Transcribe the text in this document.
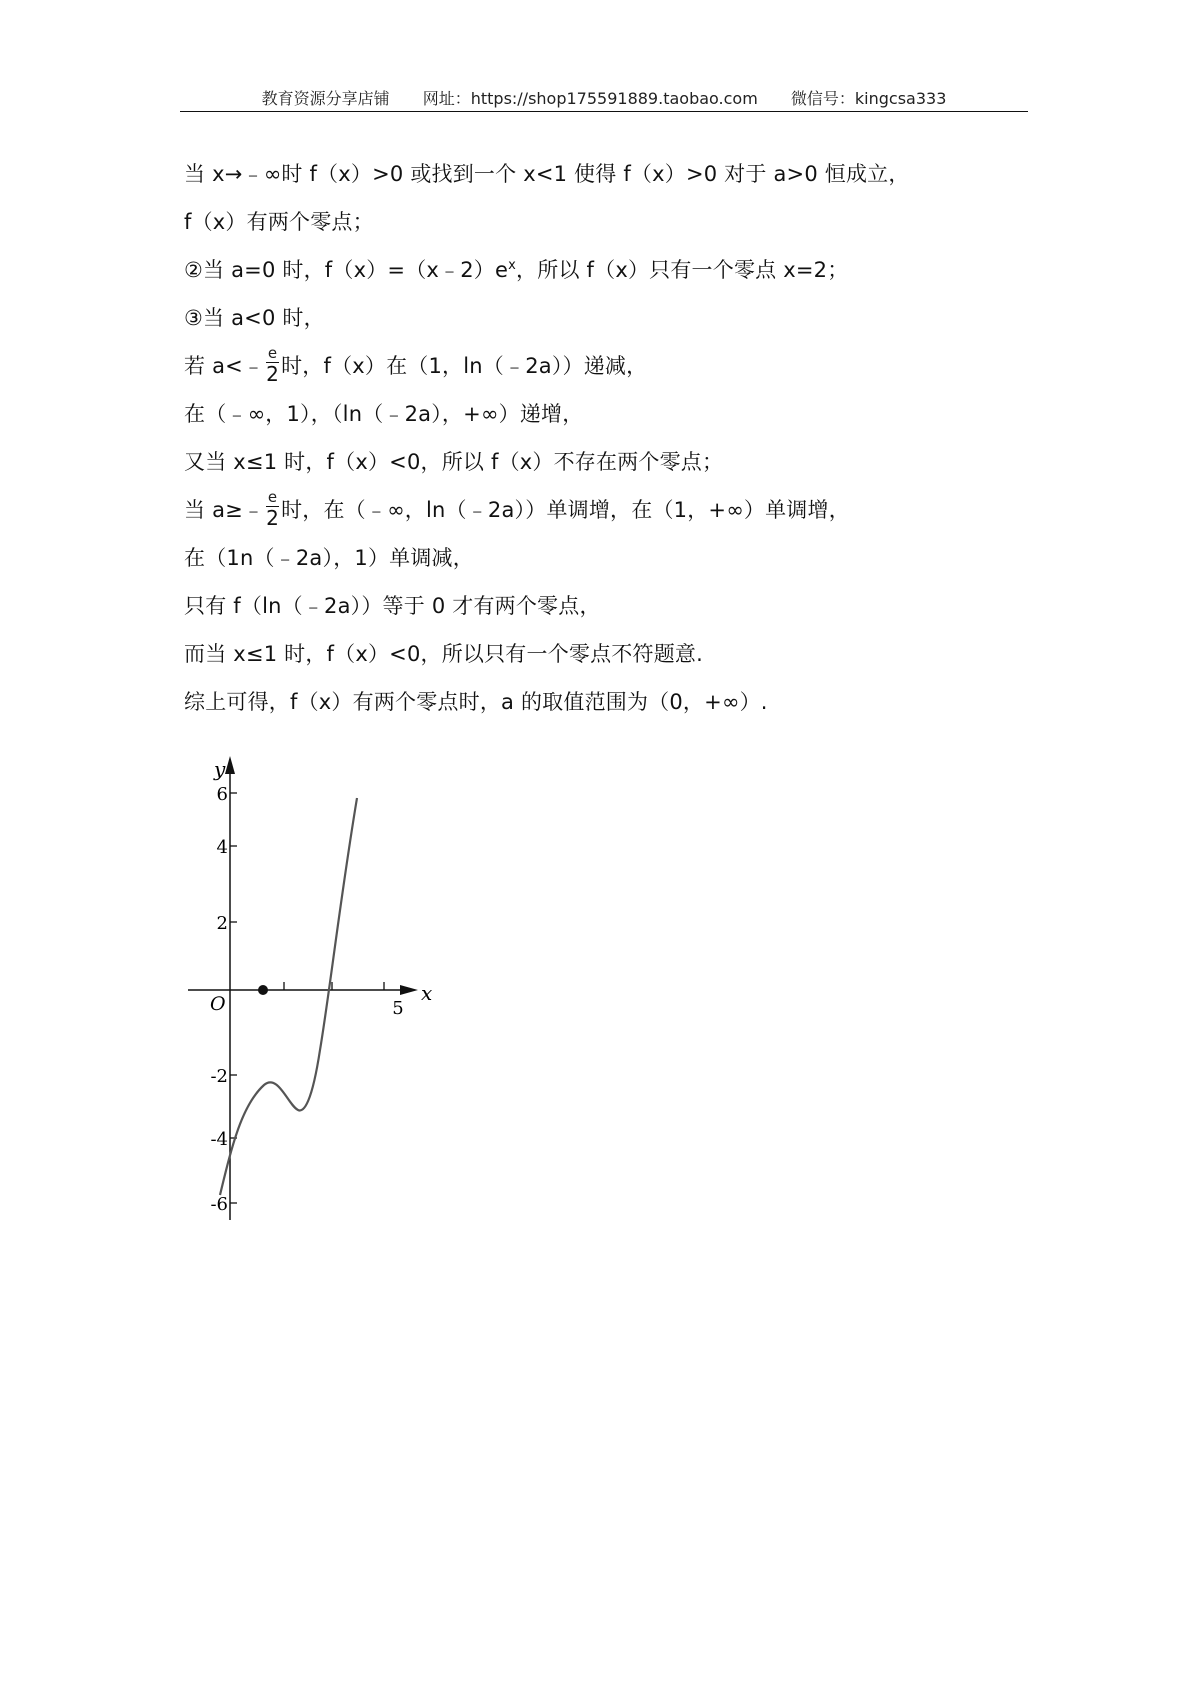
教育资源分享店铺 网址：https://shop175591889.taobao.com 微信号：kingcsa333
当 x→﹣∞时 f（x）>0 或找到一个 x<1 使得 f（x）>0 对于 a>0 恒成立，
f（x）有两个零点；
②当 a=0 时，$f(x)=(x﹣2)e^x$，所以 f（x）只有一个零点 x=2；
③当 a<0 时，
若 a<﹣ $\frac{e}{2}$ 时，f（x）在（1，ln（﹣2a））递减，
在（﹣∞，1），（ln（﹣2a），+∞）递增，
又当 x≤1 时，f（x）<0，所以 f（x）不存在两个零点；
当 a≥﹣ $\frac{e}{2}$ 时，在（﹣∞，ln（﹣2a））单调增，在（1，+∞）单调增，
在（1n（﹣2a），1）单调减，
只有 f（ln（﹣2a））等于 0 才有两个零点，
而当 x≤1 时，f（x）<0，所以只有一个零点不符题意.
综上可得，f（x）有两个零点时，a 的取值范围为（0，+∞）.
y
x
O	5
6
4
2
-2
-4
-6
